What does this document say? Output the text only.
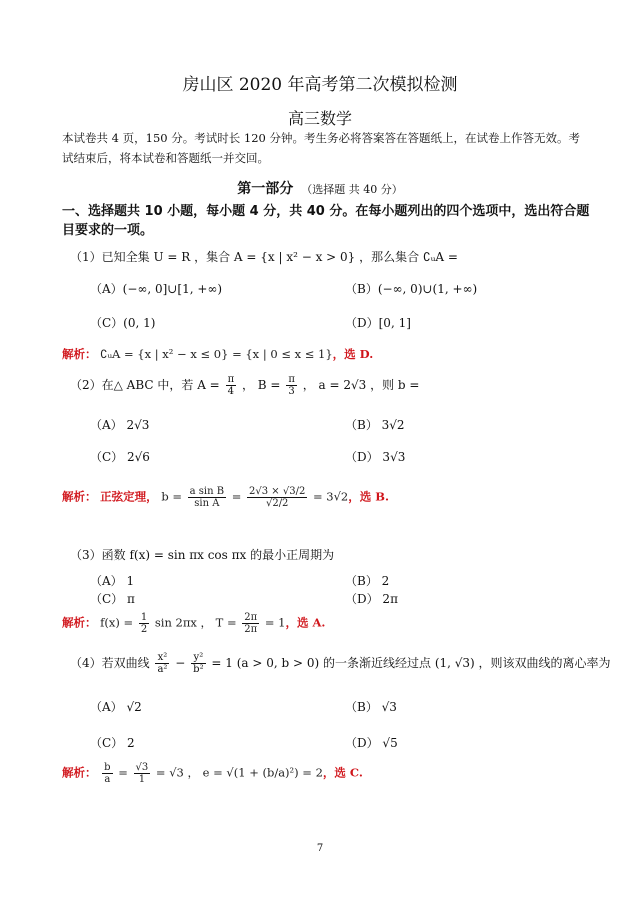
房山区 2020 年高考第二次模拟检测
高三数学
本试卷共 4 页，150 分。考试时长 120 分钟。考生务必将答案答在答题纸上，在试卷上作答无效。考试结束后，将本试卷和答题纸一并交回。
第一部分 （选择题 共 40 分）
一、选择题共 10 小题，每小题 4 分，共 40 分。在每小题列出的四个选项中，选出符合题目要求的一项。
（1）已知全集 U = R ，集合 A = {x | x² − x > 0} ，那么集合 ∁ᵤA =
（A）(−∞, 0]∪[1, +∞)	（B）(−∞, 0)∪(1, +∞)
（C）(0, 1)	（D）[0, 1]
解析： ∁ᵤA = {x | x² − x ≤ 0} = {x | 0 ≤ x ≤ 1}，选 D.
（2）在△ ABC 中，若 $A = \frac{\pi}{4}$ ， $B = \frac{\pi}{3}$ ， a = 2√3 ，则 b =
（A） 2√3	（B） 3√2
（C） 2√6	（D） 3√3
解析： 正弦定理， $b = \frac{\text{a sin B}}{\text{sin A}} = \frac{2√3 \times √3/2}{√2/2} = 3√2$，选 B.
（3）函数 f(x) = sin πx cos πx 的最小正周期为
（A） 1	（B） 2
（C） π	（D） 2π
解析： $f(x) = \frac{1}{2}$ sin 2πx ， $T = \frac{2\pi}{2\pi} = 1$，选 A.
（4）若双曲线 $\frac{\text{x²}}{\text{a²}} - \frac{\text{y²}}{\text{b²}} = 1$ (a > 0, b > 0) 的一条渐近线经过点 (1, √3) ，则该双曲线的离心率为
（A） √2	（B） √3
（C） 2	（D） √5
解析： $\frac{b}{a} = \frac{√3}{1} = √3$ ， e = √(1 + (b/a)²) = 2，选 C.
7
